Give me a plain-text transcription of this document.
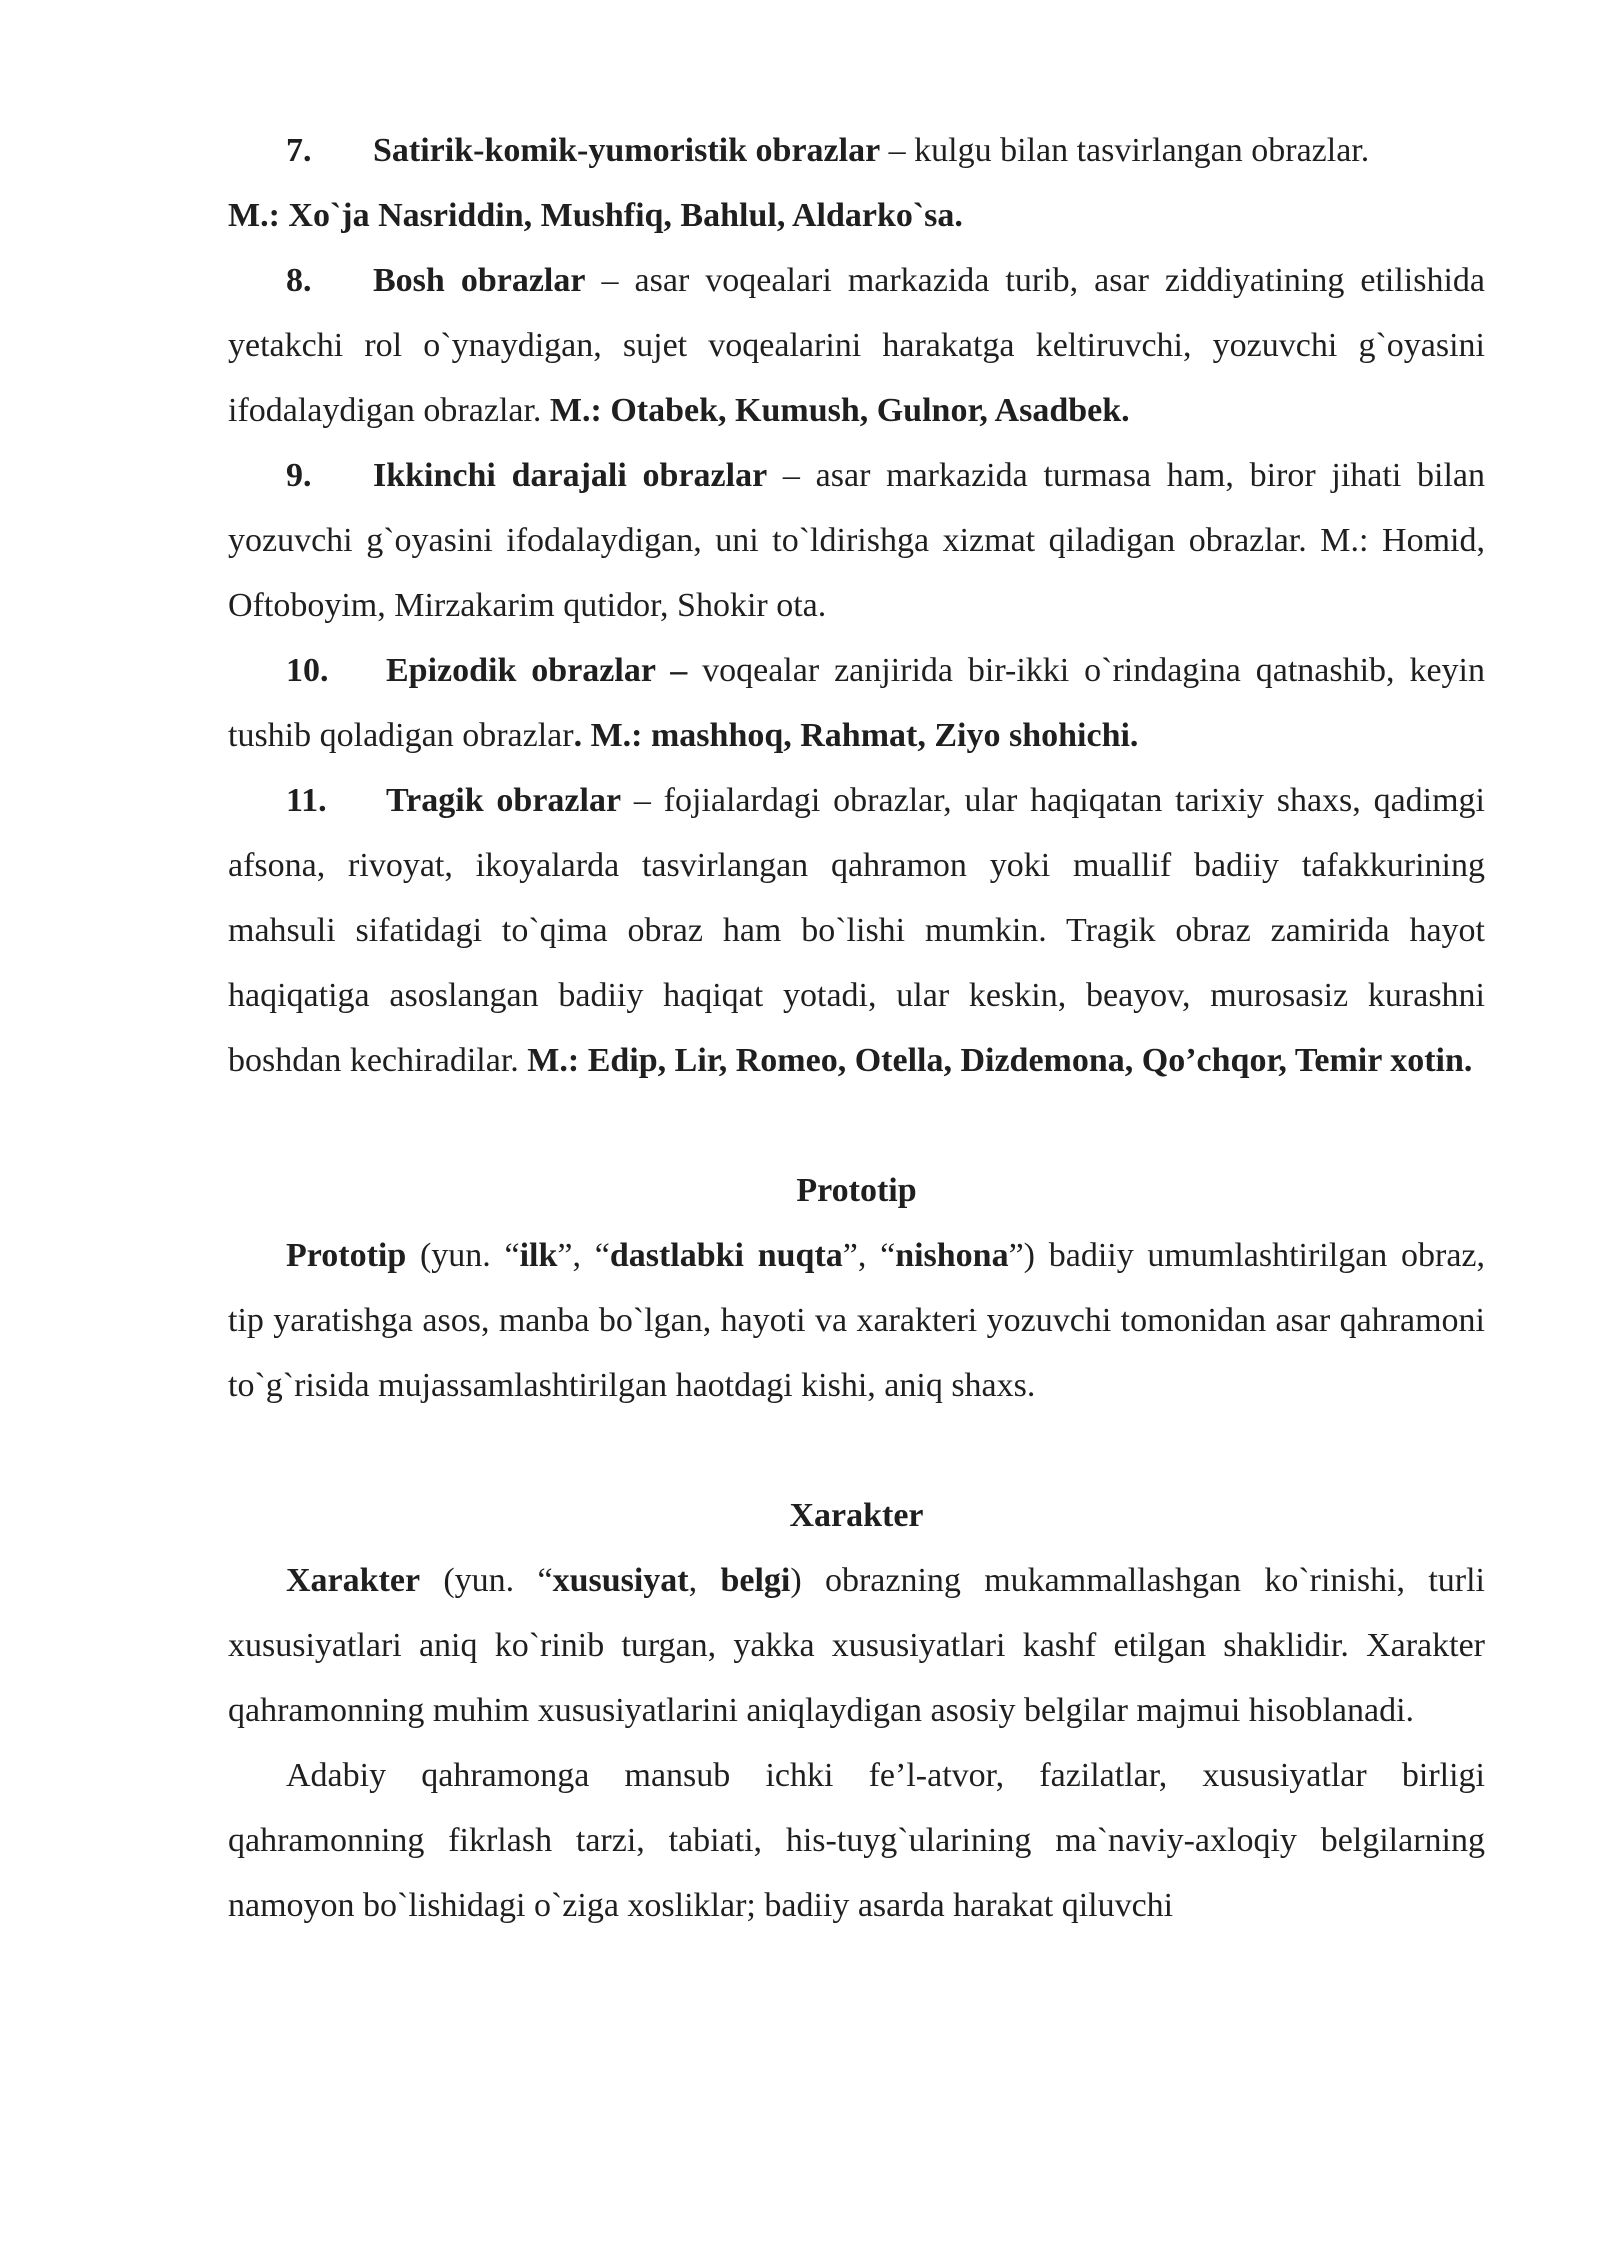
7. Satirik-komik-yumoristik obrazlar – kulgu bilan tasvirlangan obrazlar.

M.: Xo`ja Nasriddin, Mushfiq, Bahlul, Aldarko`sa.

8. Bosh obrazlar – asar voqealari markazida turib, asar ziddiyatining etilishida yetakchi rol o`ynaydigan, sujet voqealarini harakatga keltiruvchi, yozuvchi g`oyasini ifodalaydigan obrazlar. M.: Otabek, Kumush, Gulnor, Asadbek.

9. Ikkinchi darajali obrazlar – asar markazida turmasa ham, biror jihati bilan yozuvchi g`oyasini ifodalaydigan, uni to`ldirishga xizmat qiladigan obrazlar. M.: Homid, Oftoboyim, Mirzakarim qutidor, Shokir ota.

10. Epizodik obrazlar – voqealar zanjirida bir-ikki o`rindagina qatnashib, keyin tushib qoladigan obrazlar. M.: mashhoq, Rahmat, Ziyo shohichi.

11. Tragik obrazlar – fojialardagi obrazlar, ular haqiqatan tarixiy shaxs, qadimgi afsona, rivoyat, ikoyalarda tasvirlangan qahramon yoki muallif badiiy tafakkurining mahsuli sifatidagi to`qima obraz ham bo`lishi mumkin. Tragik obraz zamirida hayot haqiqatiga asoslangan badiiy haqiqat yotadi, ular keskin, beayov, murosasiz kurashni boshdan kechiradilar. M.: Edip, Lir, Romeo, Otella, Dizdemona, Qo’chqor, Temir xotin.

Prototip

Prototip (yun. “ilk”, “dastlabki nuqta”, “nishona”) badiiy umumlashtirilgan obraz, tip yaratishga asos, manba bo`lgan, hayoti va xarakteri yozuvchi tomonidan asar qahramoni to`g`risida mujassamlashtirilgan haotdagi kishi, aniq shaxs.

Xarakter

Xarakter (yun. “xususiyat, belgi) obrazning mukammallashgan ko`rinishi, turli xususiyatlari aniq ko`rinib turgan, yakka xususiyatlari kashf etilgan shaklidir. Xarakter qahramonning muhim xususiyatlarini aniqlaydigan asosiy belgilar majmui hisoblanadi.

Adabiy qahramonga mansub ichki fe’l-atvor, fazilatlar, xususiyatlar birligi qahramonning fikrlash tarzi, tabiati, his-tuyg`ularining ma`naviy-axloqiy belgilarning namoyon bo`lishidagi o`ziga xosliklar; badiiy asarda harakat qiluvchi
